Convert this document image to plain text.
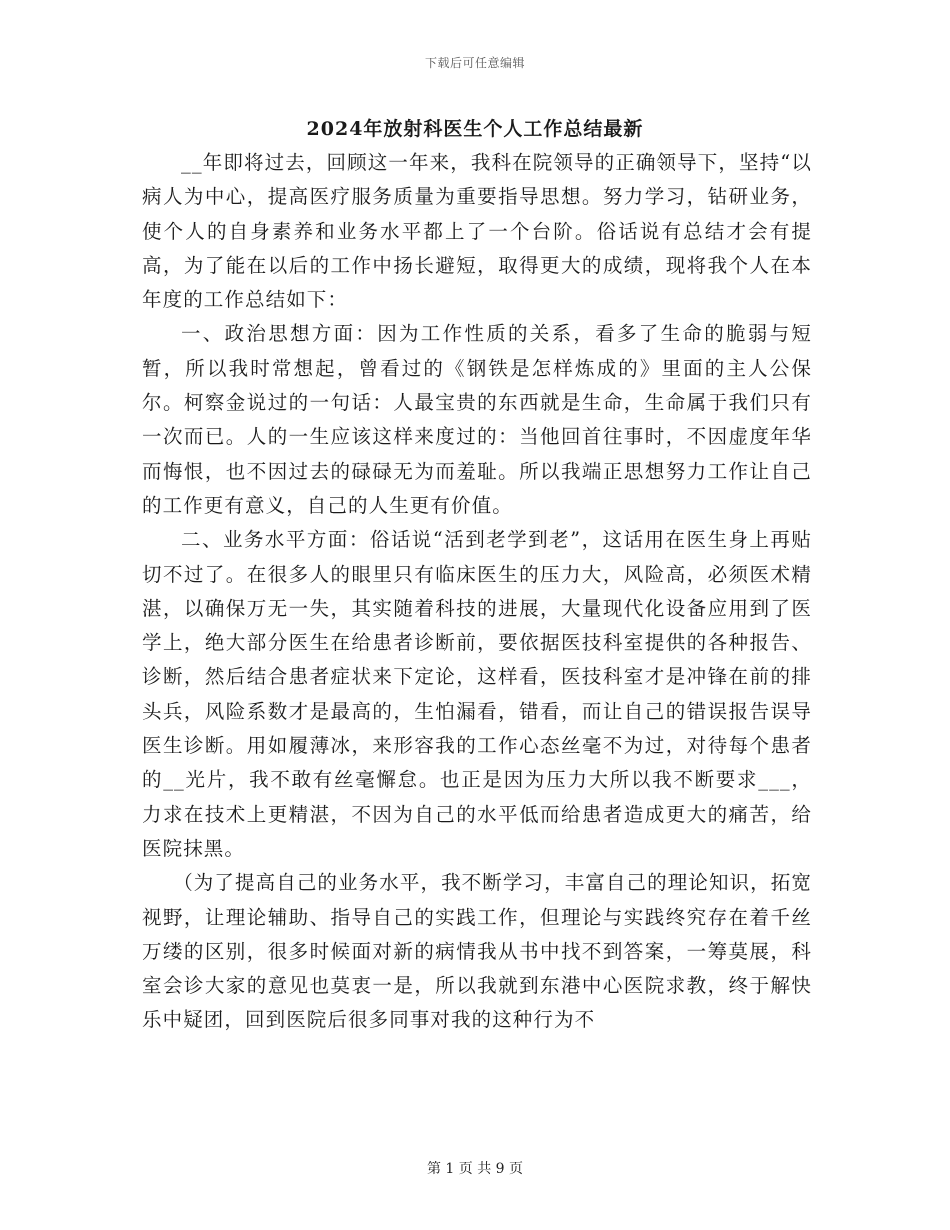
下载后可任意编辑
2024年放射科医生个人工作总结最新

__年即将过去，回顾这一年来，我科在院领导的正确领导下，坚持“以病人为中心，提高医疗服务质量为重要指导思想。努力学习，钻研业务，使个人的自身素养和业务水平都上了一个台阶。俗话说有总结才会有提高，为了能在以后的工作中扬长避短，取得更大的成绩，现将我个人在本年度的工作总结如下：

一、政治思想方面：因为工作性质的关系，看多了生命的脆弱与短暂，所以我时常想起，曾看过的《钢铁是怎样炼成的》里面的主人公保尔。柯察金说过的一句话：人最宝贵的东西就是生命，生命属于我们只有一次而已。人的一生应该这样来度过的：当他回首往事时，不因虚度年华而悔恨，也不因过去的碌碌无为而羞耻。所以我端正思想努力工作让自己的工作更有意义，自己的人生更有价值。

二、业务水平方面：俗话说“活到老学到老”，这话用在医生身上再贴切不过了。在很多人的眼里只有临床医生的压力大，风险高，必须医术精湛，以确保万无一失，其实随着科技的进展，大量现代化设备应用到了医学上，绝大部分医生在给患者诊断前，要依据医技科室提供的各种报告、诊断，然后结合患者症状来下定论，这样看，医技科室才是冲锋在前的排头兵，风险系数才是最高的，生怕漏看，错看，而让自己的错误报告误导医生诊断。用如履薄冰，来形容我的工作心态丝毫不为过，对待每个患者的__光片，我不敢有丝毫懈怠。也正是因为压力大所以我不断要求___，力求在技术上更精湛，不因为自己的水平低而给患者造成更大的痛苦，给医院抹黑。

（为了提高自己的业务水平，我不断学习，丰富自己的理论知识，拓宽视野，让理论辅助、指导自己的实践工作，但理论与实践终究存在着千丝万缕的区别，很多时候面对新的病情我从书中找不到答案，一筹莫展，科室会诊大家的意见也莫衷一是，所以我就到东港中心医院求教，终于解快乐中疑团，回到医院后很多同事对我的这种行为不

第 1 页 共 9 页
